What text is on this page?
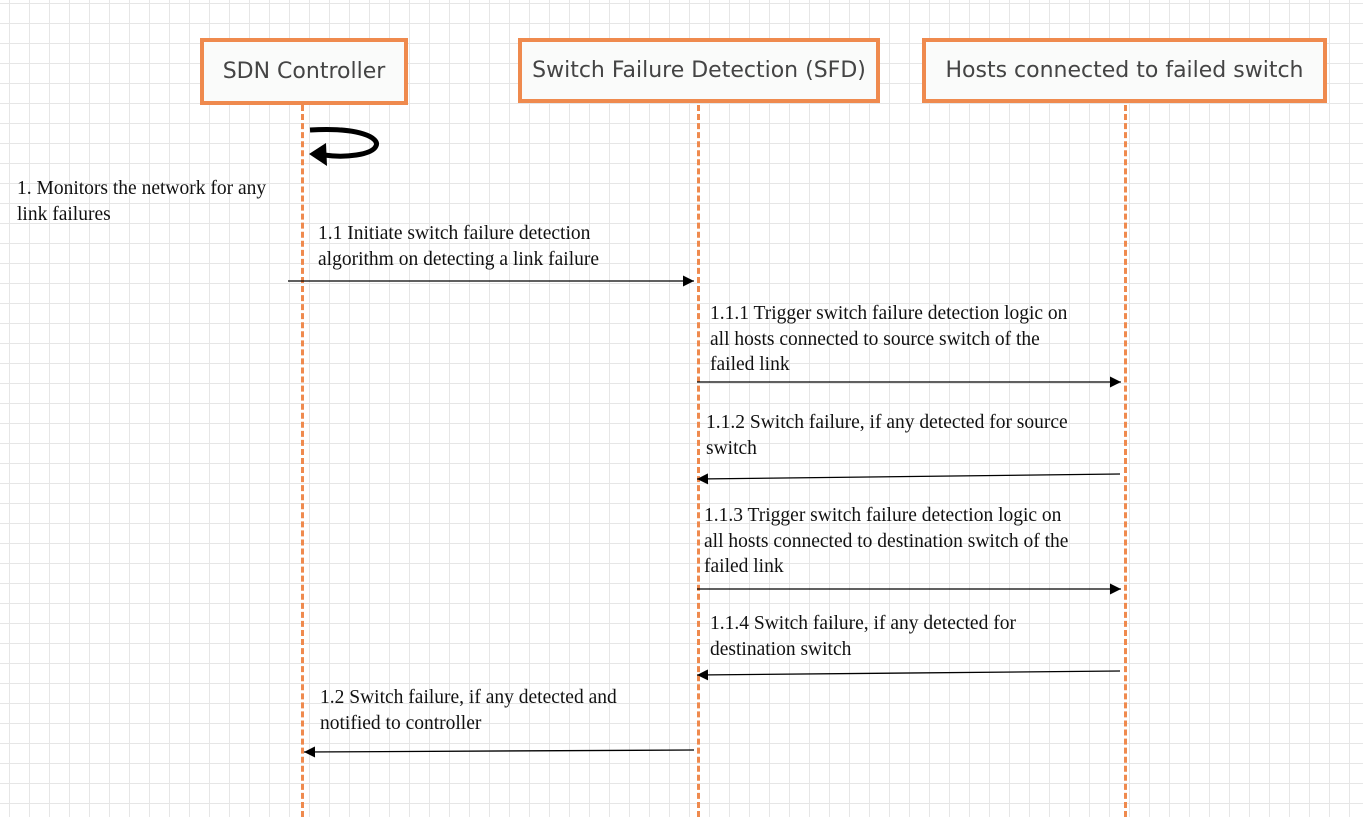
SDN Controller	Switch Failure Detection (SFD)	Hosts connected to failed switch

1. Monitors the network for any
link failures

1.1 Initiate switch failure detection
algorithm on detecting a link failure

1.1.1 Trigger switch failure detection logic on
all hosts connected to source switch of the
failed link

1.1.2 Switch failure, if any detected for source
switch

1.1.3 Trigger switch failure detection logic on
all hosts connected to destination switch of the
failed link

1.1.4 Switch failure, if any detected for
destination switch

1.2 Switch failure, if any detected and
notified to controller
